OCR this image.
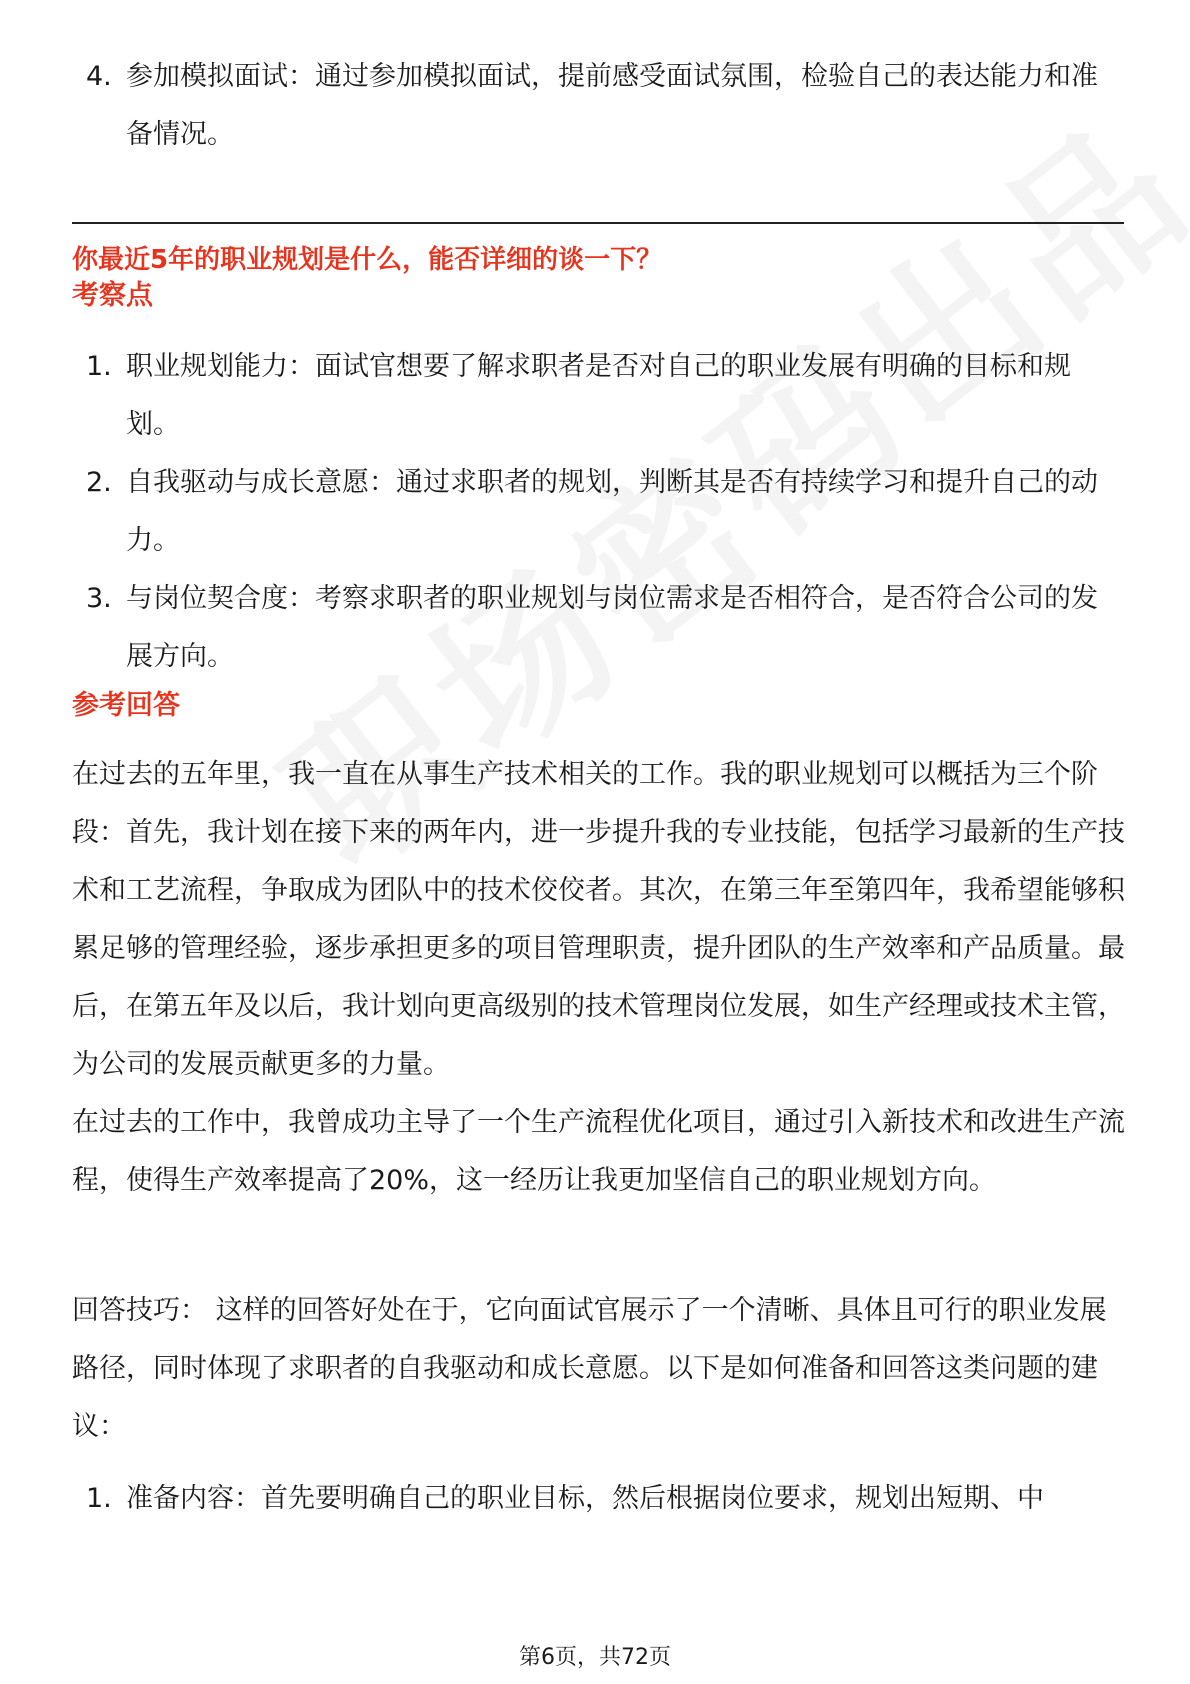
4. 参加模拟面试：通过参加模拟面试，提前感受面试氛围，检验自己的表达能力和准备情况。

你最近5年的职业规划是什么，能否详细的谈一下？
考察点

1. 职业规划能力：面试官想要了解求职者是否对自己的职业发展有明确的目标和规划。

2. 自我驱动与成长意愿：通过求职者的规划，判断其是否有持续学习和提升自己的动力。

3. 与岗位契合度：考察求职者的职业规划与岗位需求是否相符合，是否符合公司的发展方向。

参考回答

在过去的五年里，我一直在从事生产技术相关的工作。我的职业规划可以概括为三个阶段：首先，我计划在接下来的两年内，进一步提升我的专业技能，包括学习最新的生产技术和工艺流程，争取成为团队中的技术佼佼者。其次，在第三年至第四年，我希望能够积累足够的管理经验，逐步承担更多的项目管理职责，提升团队的生产效率和产品质量。最后，在第五年及以后，我计划向更高级别的技术管理岗位发展，如生产经理或技术主管，为公司的发展贡献更多的力量。

在过去的工作中，我曾成功主导了一个生产流程优化项目，通过引入新技术和改进生产流程，使得生产效率提高了20%，这一经历让我更加坚信自己的职业规划方向。

回答技巧： 这样的回答好处在于，它向面试官展示了一个清晰、具体且可行的职业发展路径，同时体现了求职者的自我驱动和成长意愿。以下是如何准备和回答这类问题的建议：

1. 准备内容：首先要明确自己的职业目标，然后根据岗位要求，规划出短期、中

第6页，共72页
